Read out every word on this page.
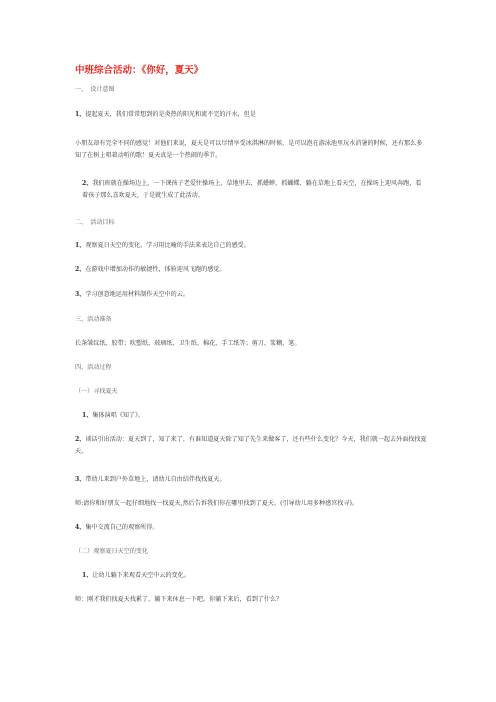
中班综合活动：《你好，夏天》
一、　设计意图
1、提起夏天，我们常常想到的是炎热的阳光和流不完的汗水，但是
小朋友却有完全不同的感觉！对他们来说，夏天是可以尽情享受冰淇淋的时候，是可以泡在游泳池里玩水消暑的时候，还有那么多知了在树上唱着动听的歌！夏天真是一个热闹的季节。
2、我们班就在操场边上，一下课孩子老爱往操场上、草地里去，抓蟋蟀、抓蝴蝶、躺在草地上看天空，在操场上迎风奔跑，看着孩子那么喜欢夏天，于是就生成了此活动。
二、　活动目标
1、观察夏日天空的变化，学习用比喻的手法来表达自己的感受。
2、在游戏中增加动作的敏捷性，体验迎风飞跑的感觉。
3、学习创意地运用材料制作天空中的云。
三、活动准备
长条皱纹纸、胶带；吹塑纸、玻璃纸、卫生纸、棉花、手工纸等；剪刀、浆糊、笔。
四、活动过程
（一）寻找夏天
1、集体演唱《知了》。
2、谈话引出活动：夏天到了，知了来了，有谁知道夏天除了知了先生来做客了，还有些什么变化？今天，我们就一起去外面找找夏天。
3、带幼儿来到户外草地上，请幼儿自由结伴找找夏天。
师:请你和好朋友一起仔细地找一找夏天,然后告诉我们你在哪里找到了夏天。(引导幼儿用多种感官找寻)。
4、集中交流自己的观察所得。
（二）观察夏日天空的变化
1、让幼儿躺下来观看天空中云的变化。
师：刚才我们找夏天找累了，躺下来休息一下吧。你躺下来后，看到了什么？
